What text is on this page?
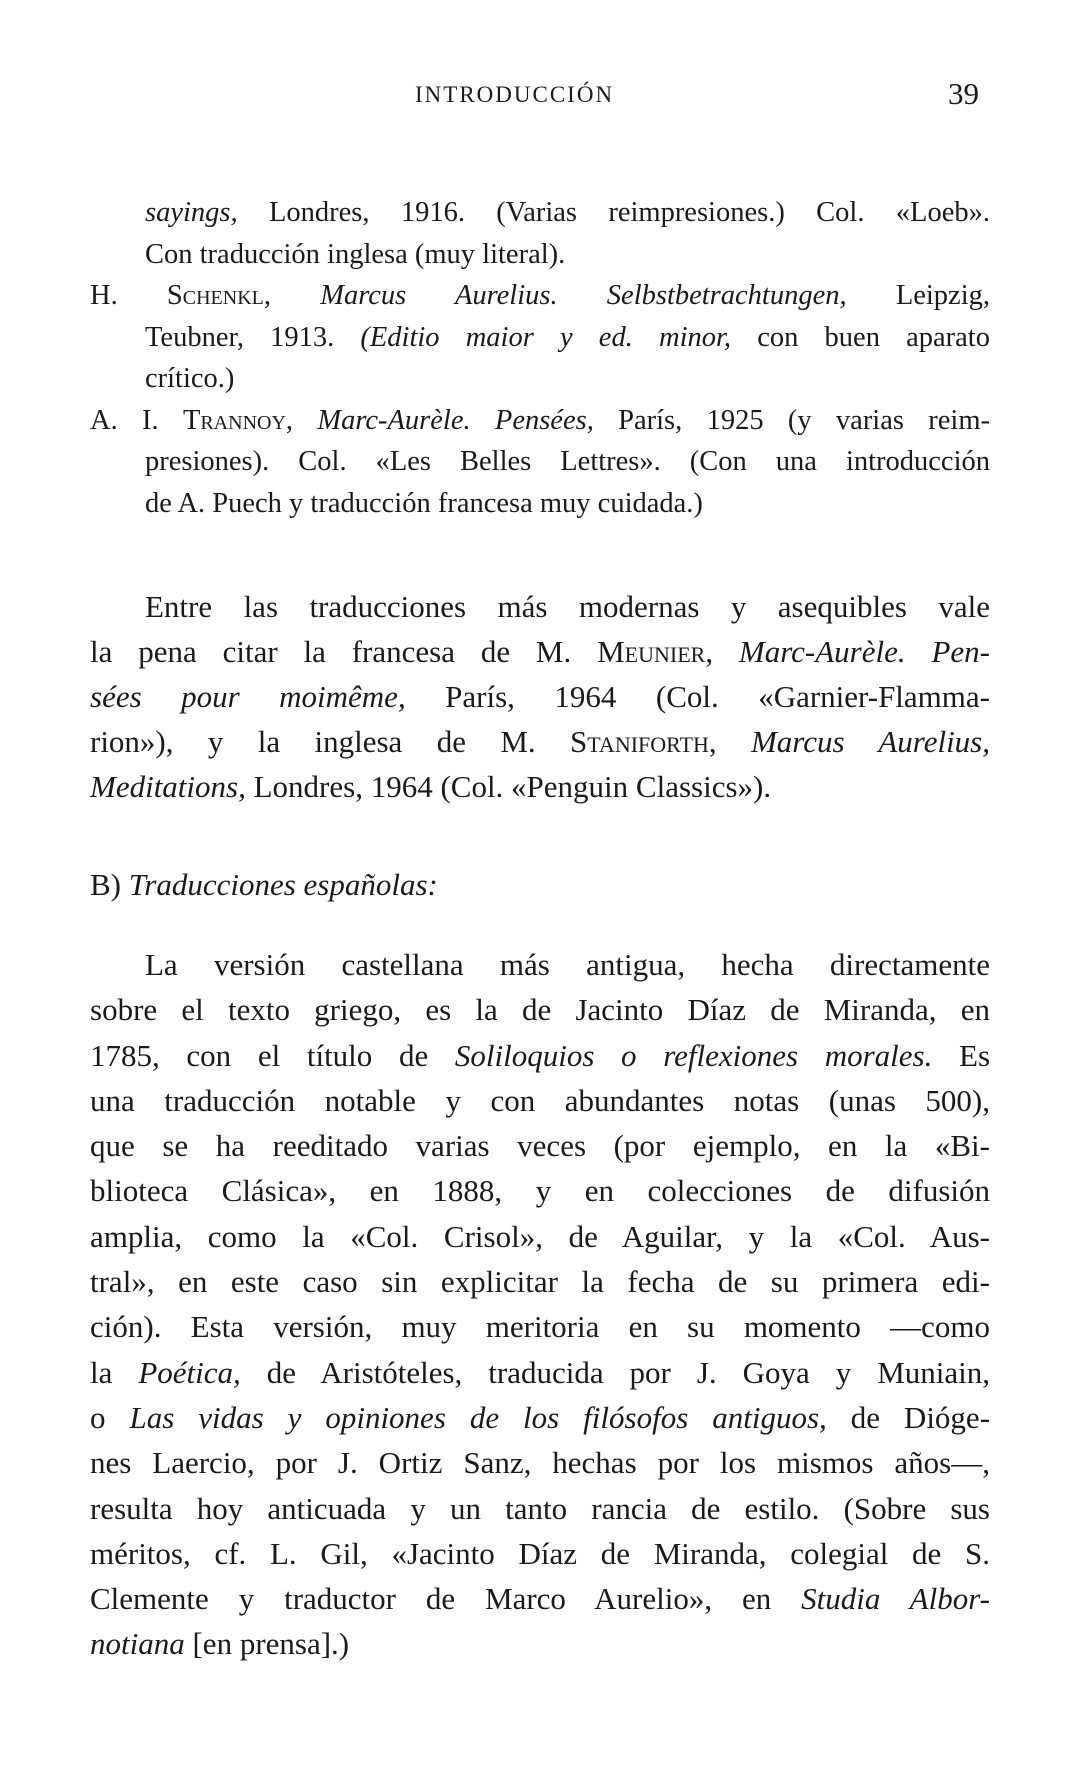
INTRODUCCIÓN	39
sayings, Londres, 1916. (Varias reimpresiones.) Col. «Loeb».
Con traducción inglesa (muy literal).
H. Schenkl, Marcus Aurelius. Selbstbetrachtungen, Leipzig,
Teubner, 1913. (Editio maior y ed. minor, con buen aparato
crítico.)
A. I. Trannoy, Marc-Aurèle. Pensées, París, 1925 (y varias reim-
presiones). Col. «Les Belles Lettres». (Con una introducción
de A. Puech y traducción francesa muy cuidada.)
Entre las traducciones más modernas y asequibles vale
la pena citar la francesa de M. Meunier, Marc-Aurèle. Pen-
sées pour moimême, París, 1964 (Col. «Garnier-Flamma-
rion»), y la inglesa de M. Staniforth, Marcus Aurelius,
Meditations, Londres, 1964 (Col. «Penguin Classics»).
B) Traducciones españolas:
La versión castellana más antigua, hecha directamente
sobre el texto griego, es la de Jacinto Díaz de Miranda, en
1785, con el título de Soliloquios o reflexiones morales. Es
una traducción notable y con abundantes notas (unas 500),
que se ha reeditado varias veces (por ejemplo, en la «Bi-
blioteca Clásica», en 1888, y en colecciones de difusión
amplia, como la «Col. Crisol», de Aguilar, y la «Col. Aus-
tral», en este caso sin explicitar la fecha de su primera edi-
ción). Esta versión, muy meritoria en su momento —como
la Poética, de Aristóteles, traducida por J. Goya y Muniain,
o Las vidas y opiniones de los filósofos antiguos, de Dióge-
nes Laercio, por J. Ortiz Sanz, hechas por los mismos años—,
resulta hoy anticuada y un tanto rancia de estilo. (Sobre sus
méritos, cf. L. Gil, «Jacinto Díaz de Miranda, colegial de S.
Clemente y traductor de Marco Aurelio», en Studia Albor-
notiana [en prensa].)
